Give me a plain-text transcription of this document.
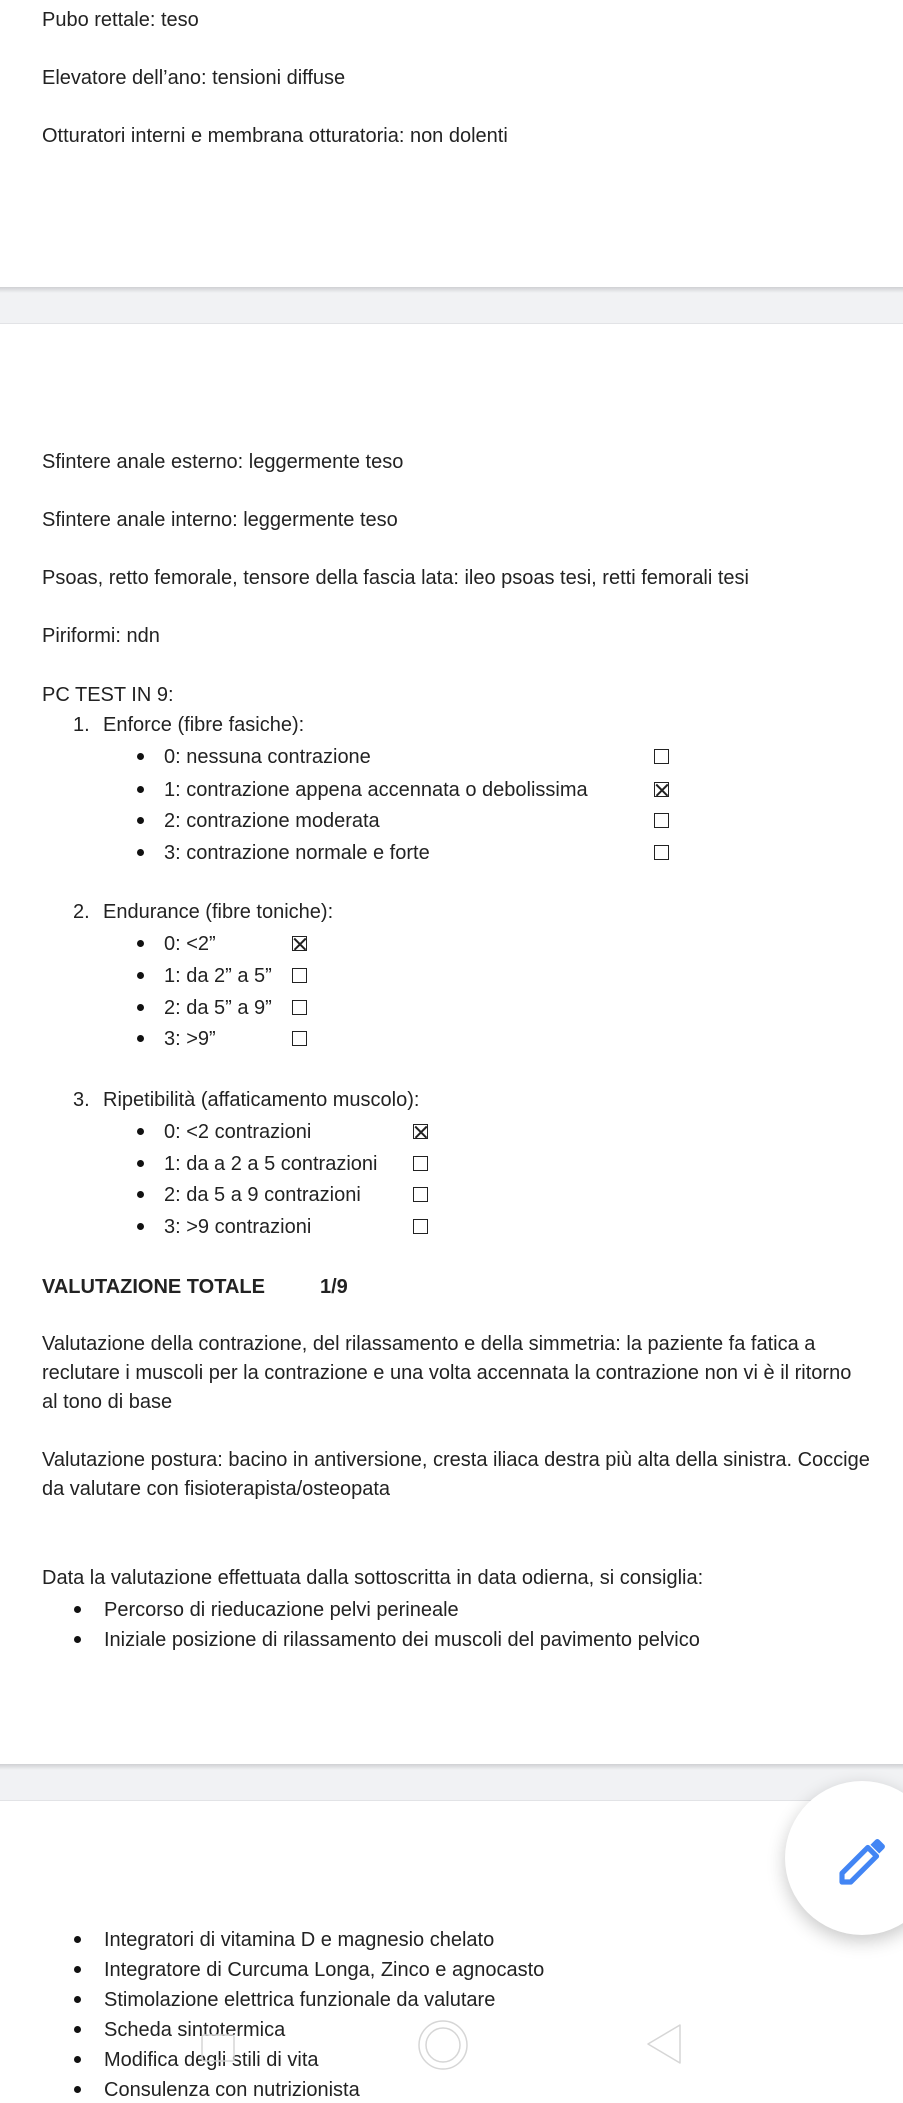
Pubo rettale: teso
Elevatore dell’ano: tensioni diffuse
Otturatori interni e membrana otturatoria: non dolenti
Sfintere anale esterno: leggermente teso
Sfintere anale interno: leggermente teso
Psoas, retto femorale, tensore della fascia lata: ileo psoas tesi, retti femorali tesi
Piriformi: ndn
PC TEST IN 9:
1. Enforce (fibre fasiche):
0: nessuna contrazione
1: contrazione appena accennata o debolissima
2: contrazione moderata
3: contrazione normale e forte
2. Endurance (fibre toniche):
0: <2”
1: da 2” a 5”
2: da 5” a 9”
3: >9”
3. Ripetibilità (affaticamento muscolo):
0: <2 contrazioni
1: da a 2 a 5 contrazioni
2: da 5 a 9 contrazioni
3: >9 contrazioni
VALUTAZIONE TOTALE	1/9
Valutazione della contrazione, del rilassamento e della simmetria: la paziente fa fatica a reclutare i muscoli per la contrazione e una volta accennata la contrazione non vi è il ritorno al tono di base
Valutazione postura: bacino in antiversione, cresta iliaca destra più alta della sinistra. Coccige da valutare con fisioterapista/osteopata
Data la valutazione effettuata dalla sottoscritta in data odierna, si consiglia:
Percorso di rieducazione pelvi perineale
Iniziale posizione di rilassamento dei muscoli del pavimento pelvico
Integratori di vitamina D e magnesio chelato
Integratore di Curcuma Longa, Zinco e agnocasto
Stimolazione elettrica funzionale da valutare
Scheda sintotermica
Modifica degli stili di vita
Consulenza con nutrizionista
